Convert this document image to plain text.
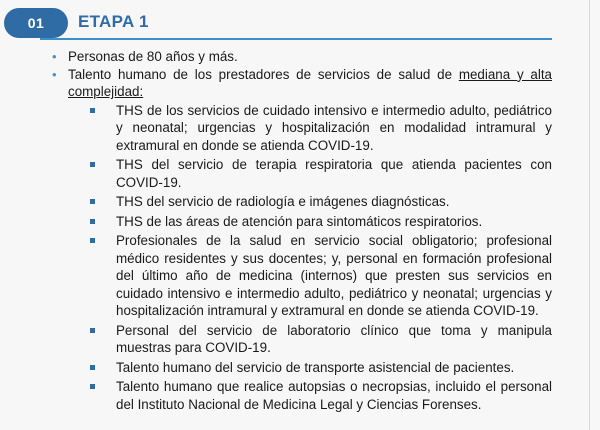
01	ETAPA 1
• Personas de 80 años y más.
• Talento humano de los prestadores de servicios de salud de mediana y alta complejidad:
THS de los servicios de cuidado intensivo e intermedio adulto, pediátrico y neonatal; urgencias y hospitalización en modalidad intramural y extramural en donde se atienda COVID-19.
THS del servicio de terapia respiratoria que atienda pacientes con COVID-19.
THS del servicio de radiología e imágenes diagnósticas.
THS de las áreas de atención para sintomáticos respiratorios.
Profesionales de la salud en servicio social obligatorio; profesional médico residentes y sus docentes; y, personal en formación profesional del último año de medicina (internos) que presten sus servicios en cuidado intensivo e intermedio adulto, pediátrico y neonatal; urgencias y hospitalización intramural y extramural en donde se atienda COVID-19.
Personal del servicio de laboratorio clínico que toma y manipula muestras para COVID-19.
Talento humano del servicio de transporte asistencial de pacientes.
Talento humano que realice autopsias o necropsias, incluido el personal del Instituto Nacional de Medicina Legal y Ciencias Forenses.
